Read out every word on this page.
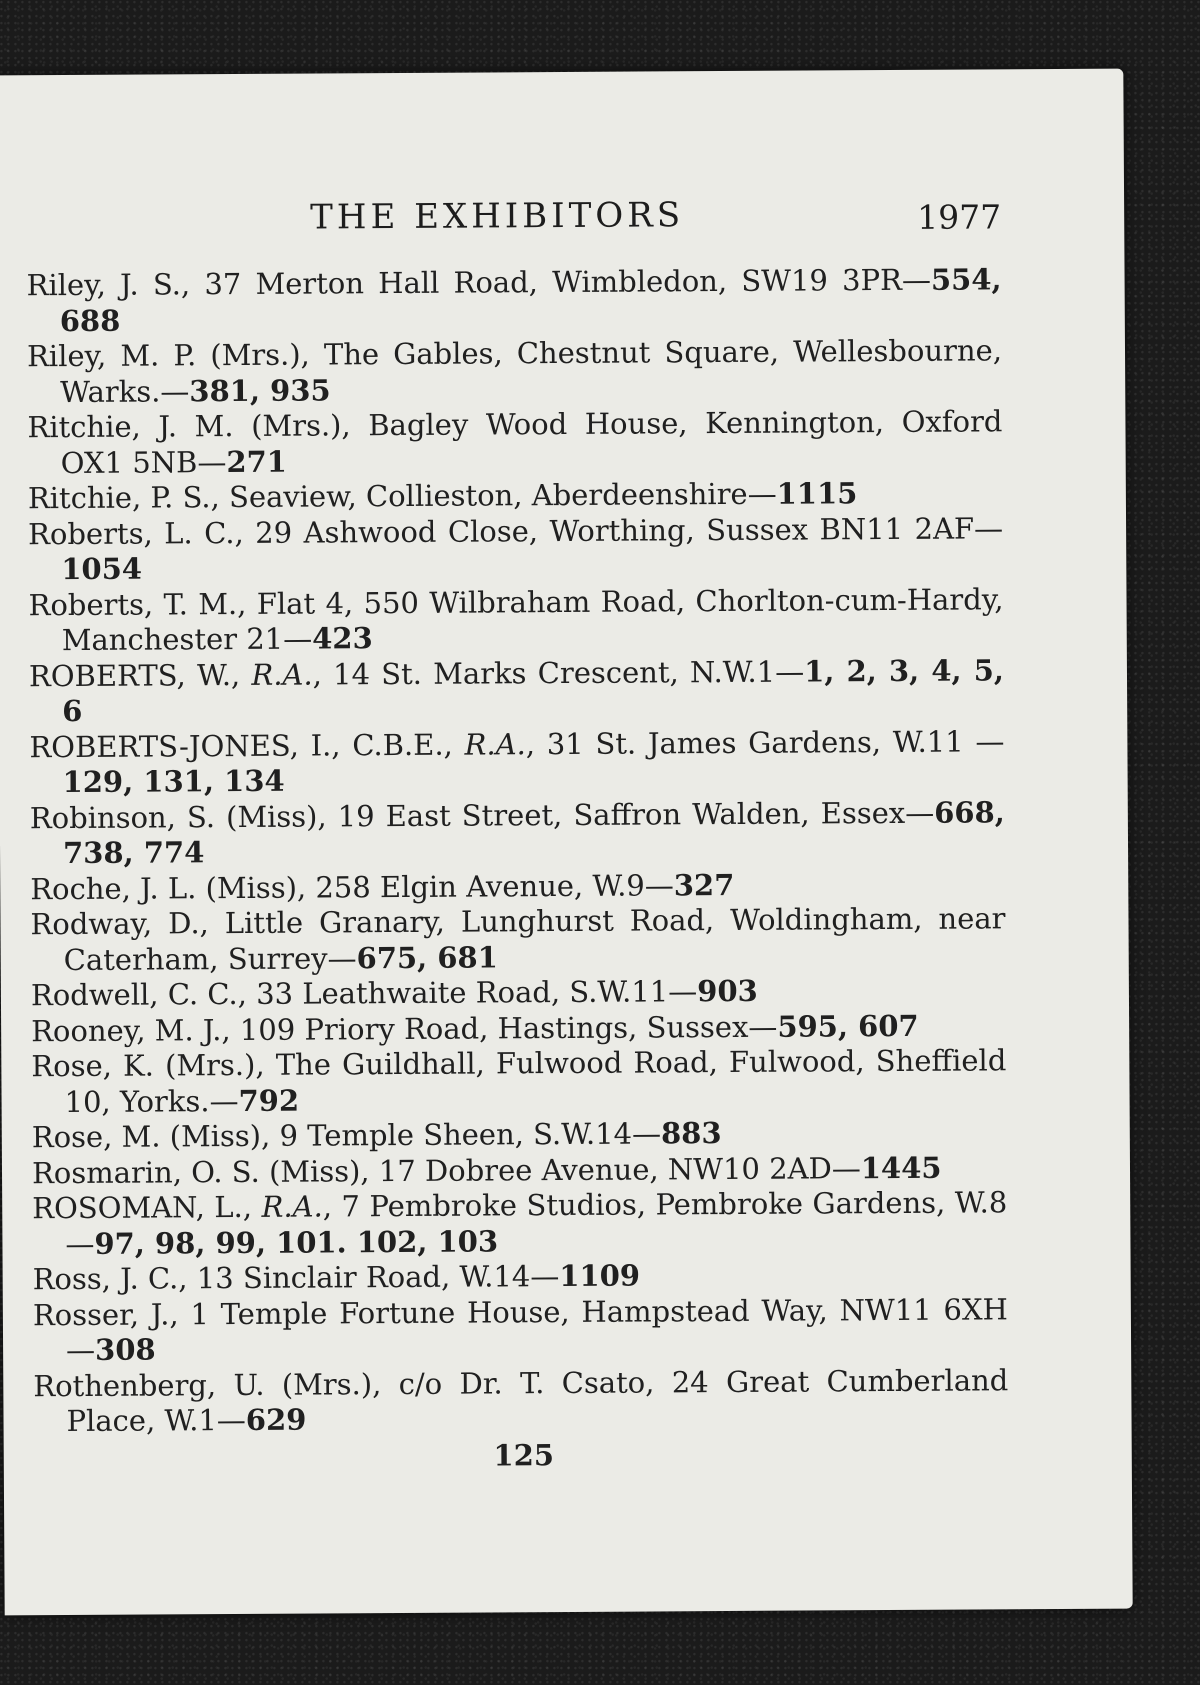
THE EXHIBITORS	1977
Riley, J. S., 37 Merton Hall Road, Wimbledon, SW19 3PR—554, 688
Riley, M. P. (Mrs.), The Gables, Chestnut Square, Wellesbourne, Warks.—381, 935
Ritchie, J. M. (Mrs.), Bagley Wood House, Kennington, Oxford OX1 5NB—271
Ritchie, P. S., Seaview, Collieston, Aberdeenshire—1115
Roberts, L. C., 29 Ashwood Close, Worthing, Sussex BN11 2AF—1054
Roberts, T. M., Flat 4, 550 Wilbraham Road, Chorlton-cum-Hardy, Manchester 21—423
ROBERTS, W., R.A., 14 St. Marks Crescent, N.W.1—1, 2, 3, 4, 5, 6
ROBERTS-JONES, I., C.B.E., R.A., 31 St. James Gardens, W.11 —129, 131, 134
Robinson, S. (Miss), 19 East Street, Saffron Walden, Essex—668, 738, 774
Roche, J. L. (Miss), 258 Elgin Avenue, W.9—327
Rodway, D., Little Granary, Lunghurst Road, Woldingham, near Caterham, Surrey—675, 681
Rodwell, C. C., 33 Leathwaite Road, S.W.11—903
Rooney, M. J., 109 Priory Road, Hastings, Sussex—595, 607
Rose, K. (Mrs.), The Guildhall, Fulwood Road, Fulwood, Sheffield 10, Yorks.—792
Rose, M. (Miss), 9 Temple Sheen, S.W.14—883
Rosmarin, O. S. (Miss), 17 Dobree Avenue, NW10 2AD—1445
ROSOMAN, L., R.A., 7 Pembroke Studios, Pembroke Gardens, W.8—97, 98, 99, 101. 102, 103
Ross, J. C., 13 Sinclair Road, W.14—1109
Rosser, J., 1 Temple Fortune House, Hampstead Way, NW11 6XH—308
Rothenberg, U. (Mrs.), c/o Dr. T. Csato, 24 Great Cumberland Place, W.1—629
125
